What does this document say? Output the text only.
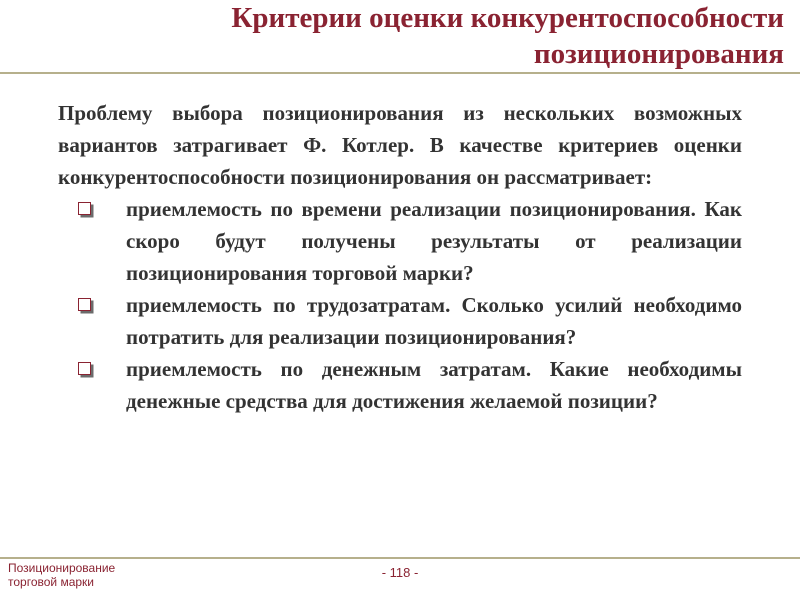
Критерии оценки конкурентоспособности
позиционирования

Проблему выбора позиционирования из нескольких возможных вариантов затрагивает Ф. Котлер. В качестве критериев оценки конкурентоспособности позиционирования он рассматривает:

приемлемость по времени реализации позиционирования. Как скоро будут получены результаты от реализации позиционирования торговой марки?
приемлемость по трудозатратам. Сколько усилий необходимо потратить для реализации позиционирования?
приемлемость по денежным затратам. Какие необходимы денежные средства для достижения желаемой позиции?
Позиционирование
торговой марки
- 118 -
